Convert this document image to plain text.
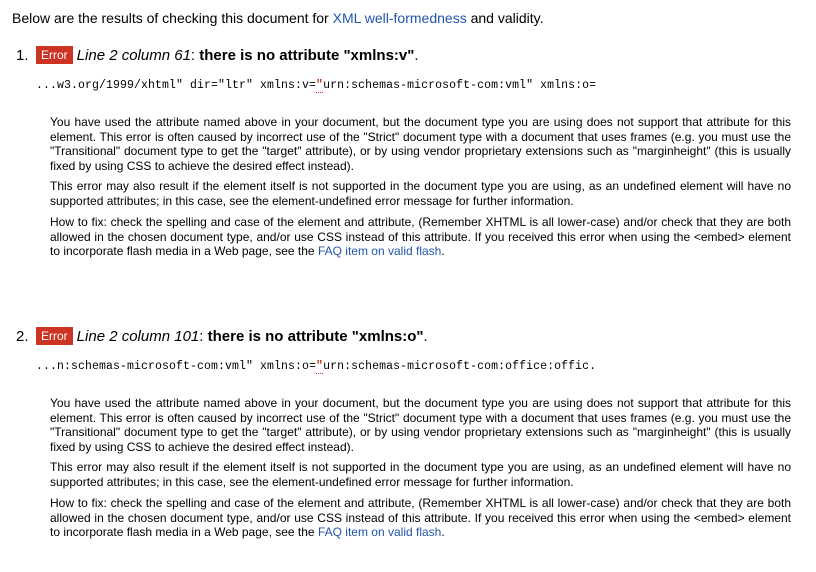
Below are the results of checking this document for XML well-formedness and validity.
1. Error Line 2 column 61: there is no attribute "xmlns:v".
...w3.org/1999/xhtml" dir="ltr" xmlns:v="urn:schemas-microsoft-com:vml" xmlns:o=
You have used the attribute named above in your document, but the document type you are using does not support that attribute for this element. This error is often caused by incorrect use of the "Strict" document type with a document that uses frames (e.g. you must use the "Transitional" document type to get the "target" attribute), or by using vendor proprietary extensions such as "marginheight" (this is usually fixed by using CSS to achieve the desired effect instead).
This error may also result if the element itself is not supported in the document type you are using, as an undefined element will have no supported attributes; in this case, see the element-undefined error message for further information.
How to fix: check the spelling and case of the element and attribute, (Remember XHTML is all lower-case) and/or check that they are both allowed in the chosen document type, and/or use CSS instead of this attribute. If you received this error when using the <embed> element to incorporate flash media in a Web page, see the FAQ item on valid flash.
2. Error Line 2 column 101: there is no attribute "xmlns:o".
...n:schemas-microsoft-com:vml" xmlns:o="urn:schemas-microsoft-com:office:offic.
You have used the attribute named above in your document, but the document type you are using does not support that attribute for this element. This error is often caused by incorrect use of the "Strict" document type with a document that uses frames (e.g. you must use the "Transitional" document type to get the "target" attribute), or by using vendor proprietary extensions such as "marginheight" (this is usually fixed by using CSS to achieve the desired effect instead).
This error may also result if the element itself is not supported in the document type you are using, as an undefined element will have no supported attributes; in this case, see the element-undefined error message for further information.
How to fix: check the spelling and case of the element and attribute, (Remember XHTML is all lower-case) and/or check that they are both allowed in the chosen document type, and/or use CSS instead of this attribute. If you received this error when using the <embed> element to incorporate flash media in a Web page, see the FAQ item on valid flash.
